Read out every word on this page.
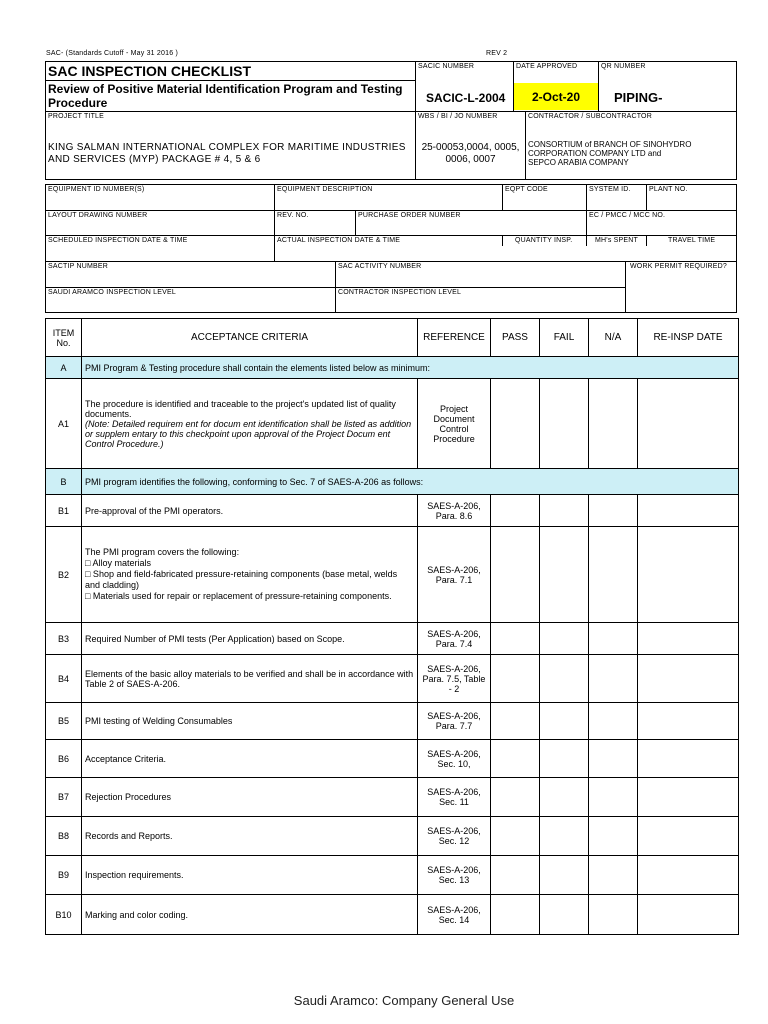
SAC- (Standards Cutoff - May 31 2016 )	REV 2
SAC INSPECTION CHECKLIST
Review of Positive Material Identification Program and Testing Procedure
SACIC NUMBER
SACIC-L-2004
DATE APPROVED
2-Oct-20
QR NUMBER
PIPING-
PROJECT TITLE
KING SALMAN INTERNATIONAL COMPLEX FOR MARITIME INDUSTRIES AND SERVICES (MYP) PACKAGE # 4, 5 & 6
WBS / BI / JO NUMBER
25-00053,0004, 0005, 0006, 0007
CONTRACTOR / SUBCONTRACTOR
CONSORTIUM of BRANCH OF SINOHYDRO
CORPORATION COMPANY LTD and
SEPCO ARABIA COMPANY
EQUIPMENT ID NUMBER(S)	EQUIPMENT DESCRIPTION	EQPT CODE	SYSTEM ID.	PLANT NO.
LAYOUT DRAWING NUMBER	REV. NO.	PURCHASE ORDER NUMBER	EC / PMCC / MCC NO.
SCHEDULED INSPECTION DATE & TIME	ACTUAL INSPECTION DATE & TIME	QUANTITY INSP.	MH's SPENT	TRAVEL TIME
SACTIP NUMBER	SAC ACTIVITY NUMBER	WORK PERMIT REQUIRED?
SAUDI ARAMCO INSPECTION LEVEL	CONTRACTOR INSPECTION LEVEL
ITEM No.	ACCEPTANCE CRITERIA	REFERENCE	PASS	FAIL	N/A	RE-INSP DATE
A	PMI Program & Testing procedure shall contain the elements listed below as minimum:					
A1	The procedure is identified and traceable to the project's updated list of quality documents.
(Note: Detailed requirem ent for docum ent identification shall be listed as addition or supplem entary to this checkpoint upon approval of the Project Docum ent Control Procedure.)	Project Document Control Procedure				
B	PMI program identifies the following, conforming to Sec. 7 of SAES-A-206 as follows:					
B1	Pre-approval of the PMI operators.	SAES-A-206, Para. 8.6				
B2	The PMI program covers the following:
□ Alloy materials
□ Shop and field-fabricated pressure-retaining components (base metal, welds and cladding)
□ Materials used for repair or replacement of pressure-retaining components.	SAES-A-206, Para. 7.1				
B3	Required Number of PMI tests (Per Application) based on Scope.	SAES-A-206, Para. 7.4				
B4	Elements of the basic alloy materials to be verified and shall be in accordance with Table 2 of SAES-A-206.	SAES-A-206, Para. 7.5, Table - 2				
B5	PMI testing of Welding Consumables	SAES-A-206, Para. 7.7				
B6	Acceptance Criteria.	SAES-A-206, Sec. 10,				
B7	Rejection Procedures	SAES-A-206, Sec. 11				
B8	Records and Reports.	SAES-A-206, Sec. 12				
B9	Inspection requirements.	SAES-A-206, Sec. 13				
B10	Marking and color coding.	SAES-A-206, Sec. 14				
Saudi Aramco: Company General Use
